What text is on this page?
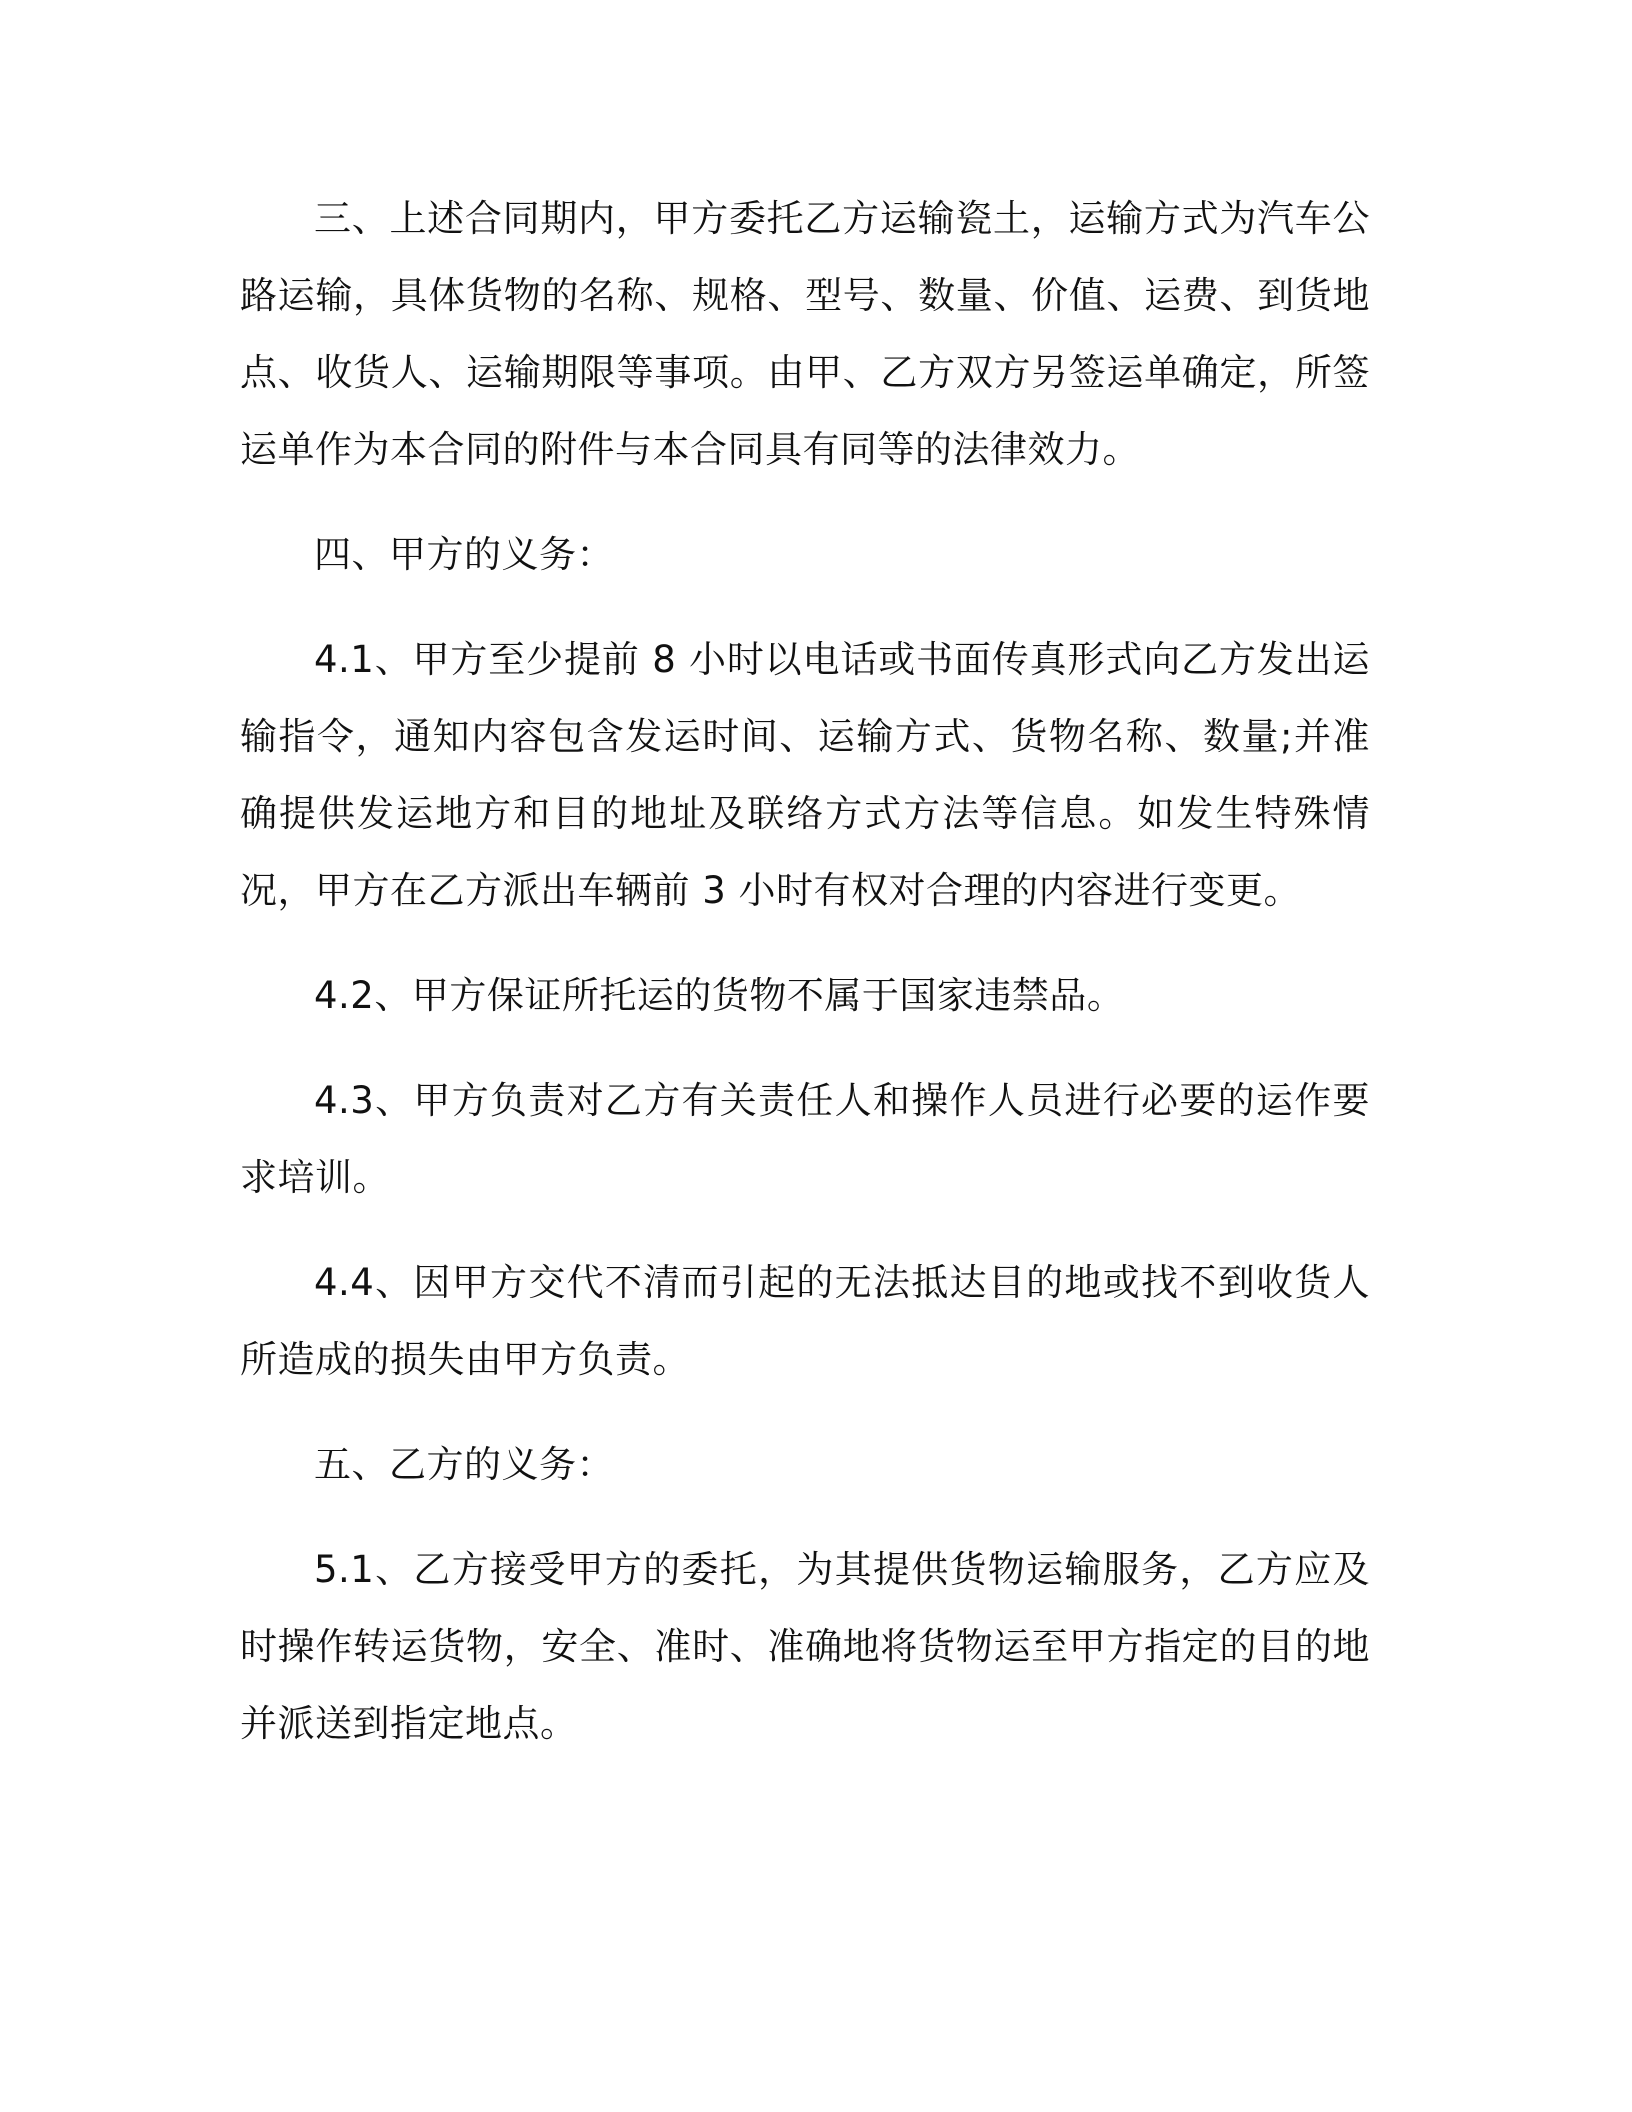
三、上述合同期内，甲方委托乙方运输瓷土，运输方式为汽车公路运输，具体货物的名称、规格、型号、数量、价值、运费、到货地点、收货人、运输期限等事项。由甲、乙方双方另签运单确定，所签运单作为本合同的附件与本合同具有同等的法律效力。

四、甲方的义务：

4.1、甲方至少提前 8 小时以电话或书面传真形式向乙方发出运输指令，通知内容包含发运时间、运输方式、货物名称、数量;并准确提供发运地方和目的地址及联络方式方法等信息。如发生特殊情况，甲方在乙方派出车辆前 3 小时有权对合理的内容进行变更。

4.2、甲方保证所托运的货物不属于国家违禁品。

4.3、甲方负责对乙方有关责任人和操作人员进行必要的运作要求培训。

4.4、因甲方交代不清而引起的无法抵达目的地或找不到收货人所造成的损失由甲方负责。

五、乙方的义务：

5.1、乙方接受甲方的委托，为其提供货物运输服务，乙方应及时操作转运货物，安全、准时、准确地将货物运至甲方指定的目的地并派送到指定地点。
